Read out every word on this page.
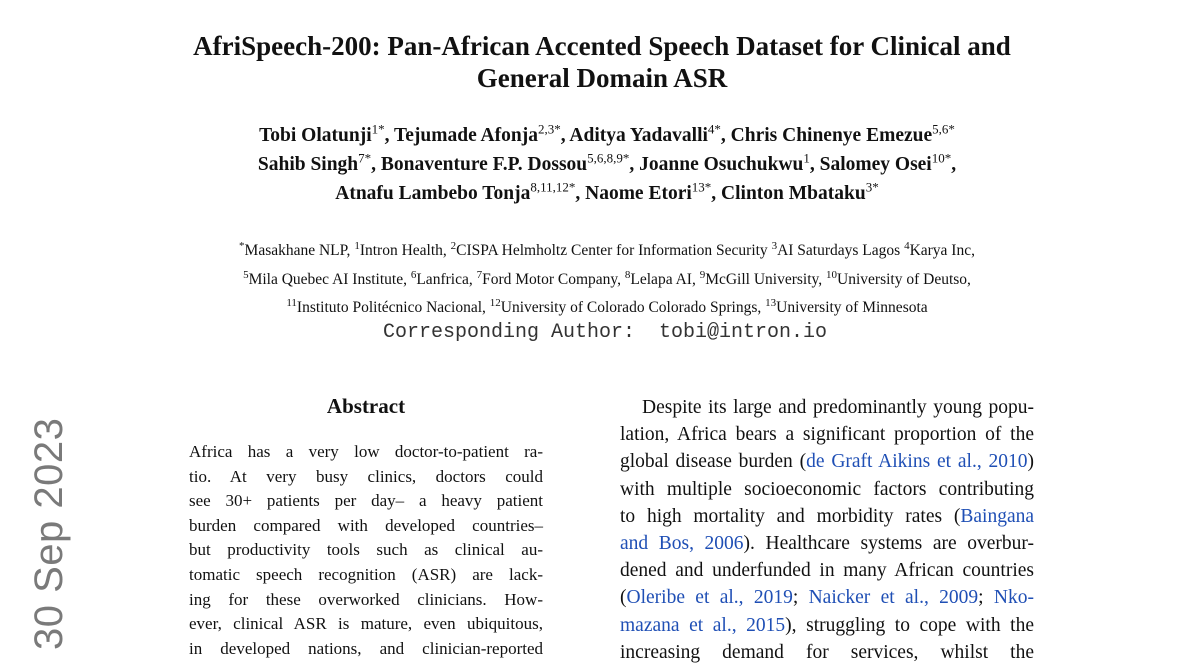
30 Sep 2023
AfriSpeech-200: Pan-African Accented Speech Dataset for Clinical and
General Domain ASR
Tobi Olatunji$^{1*}$, Tejumade Afonja$^{2,3*}$, Aditya Yadavalli$^{4*}$, Chris Chinenye Emezue$^{5,6*}$
Sahib Singh$^{7*}$, Bonaventure F.P. Dossou$^{5,6,8,9*}$, Joanne Osuchukwu$^1$, Salomey Osei$^{10*}$,
Atnafu Lambebo Tonja$^{8,11,12*}$, Naome Etori$^{13*}$, Clinton Mbataku$^{3*}$
*Masakhane NLP, $^1$Intron Health, $^2$CISPA Helmholtz Center for Information Security $^3$AI Saturdays Lagos $^4$Karya Inc,
$^5$Mila Quebec AI Institute, $^6$Lanfrica, $^7$Ford Motor Company, $^8$Lelapa AI, $^9$McGill University, $^{10}$University of Deutso,
$^{11}$Instituto Politécnico Nacional, $^{12}$University of Colorado Colorado Springs, $^{13}$University of Minnesota
Corresponding Author:  tobi@intron.io
Abstract
Africa has a very low doctor-to-patient ra-
tio. At very busy clinics, doctors could
see 30+ patients per day– a heavy patient
burden compared with developed countries–
but productivity tools such as clinical au-
tomatic speech recognition (ASR) are lack-
ing for these overworked clinicians. How-
ever, clinical ASR is mature, even ubiquitous,
in developed nations, and clinician-reported
Despite its large and predominantly young popu-
lation, Africa bears a significant proportion of the
global disease burden (de Graft Aikins et al., 2010)
with multiple socioeconomic factors contributing
to high mortality and morbidity rates (Baingana
and Bos, 2006). Healthcare systems are overbur-
dened and underfunded in many African countries
(Oleribe et al., 2019; Naicker et al., 2009; Nko-
mazana et al., 2015), struggling to cope with the
increasing demand for services, whilst the
